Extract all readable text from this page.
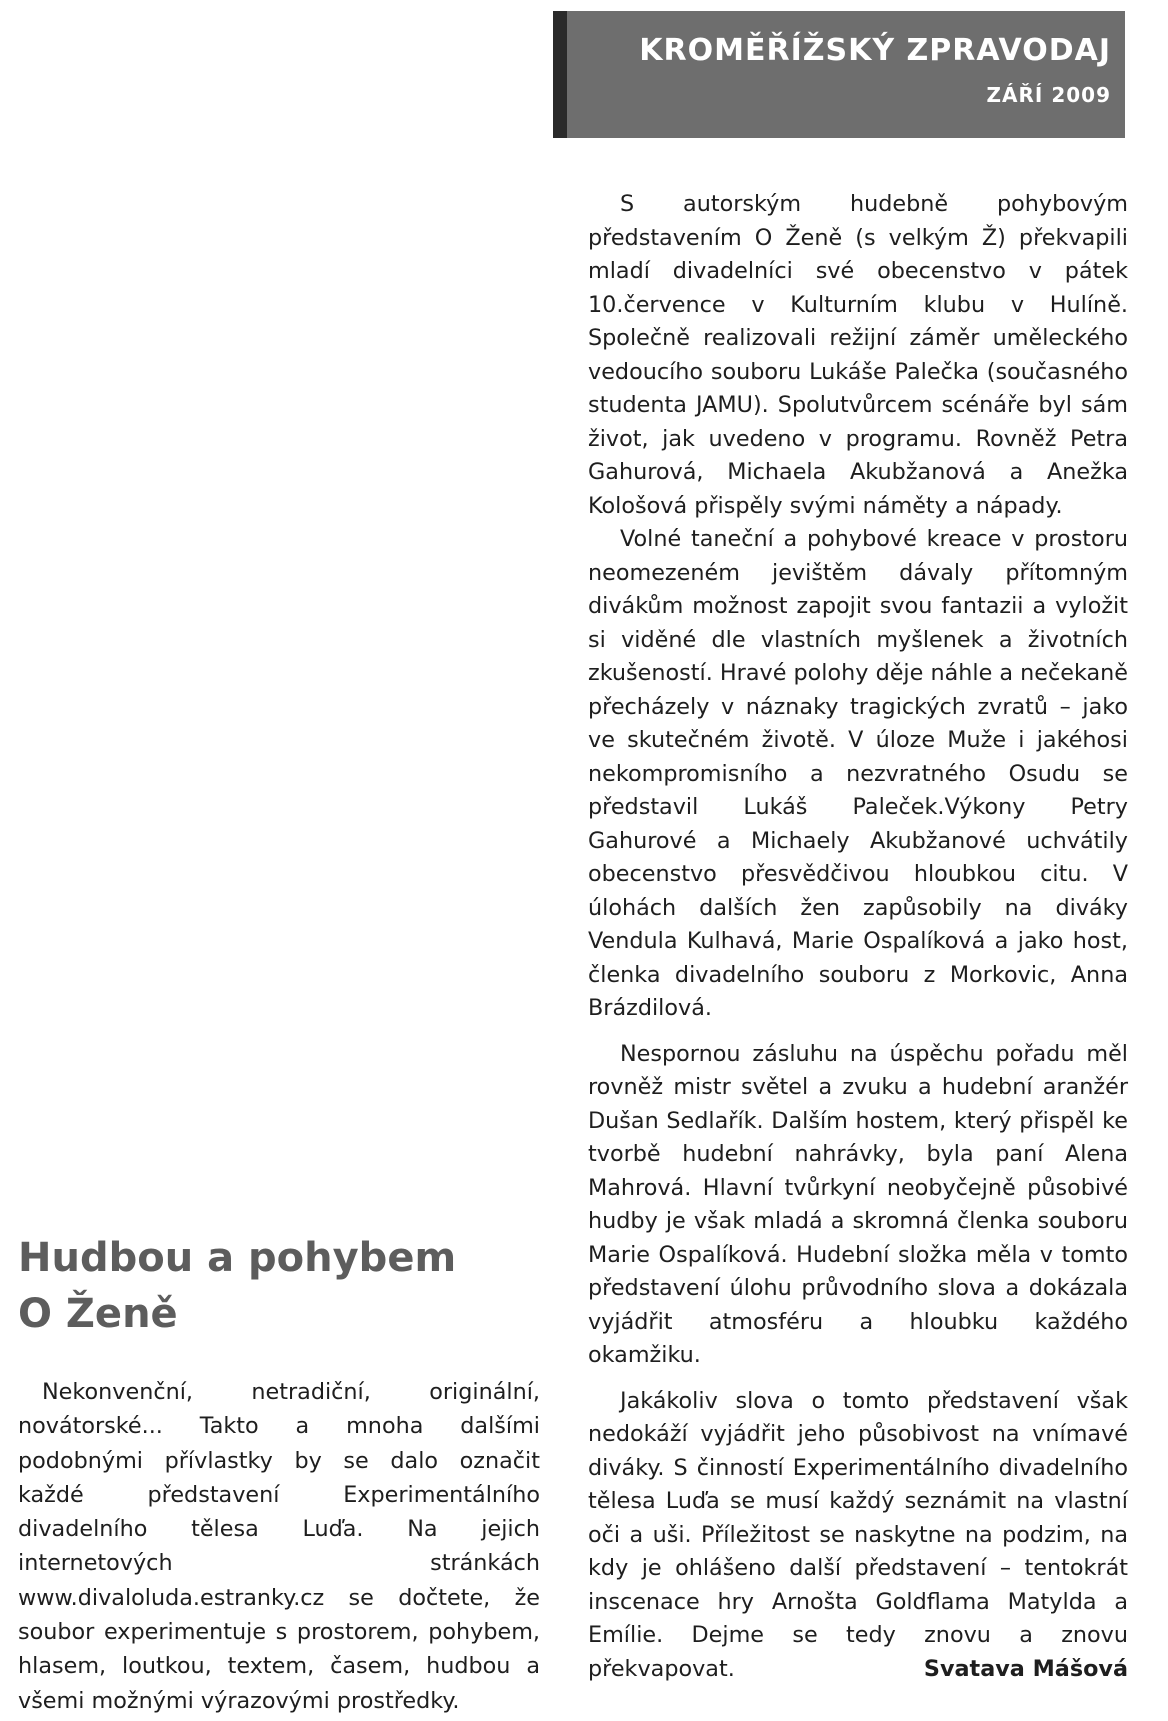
KROMĚŘÍŽSKÝ ZPRAVODAJ
ZÁŘÍ 2009

S autorským hudebně pohybovým představením O Ženě (s velkým Ž) překvapili mladí divadelníci své obecenstvo v pátek 10.července v Kulturním klubu v Hulíně. Společně realizovali režijní záměr uměleckého vedoucího souboru Lukáše Palečka (současného studenta JAMU). Spolutvůrcem scénáře byl sám život, jak uvedeno v programu. Rovněž Petra Gahurová, Michaela Akubžanová a Anežka Kološová přispěly svými náměty a nápady.

Volné taneční a pohybové kreace v prostoru neomezeném jevištěm dávaly přítomným divákům možnost zapojit svou fantazii a vyložit si viděné dle vlastních myšlenek a životních zkušeností. Hravé polohy děje náhle a nečekaně přecházely v náznaky tragických zvratů – jako ve skutečném životě. V úloze Muže i jakéhosi nekompromisního a nezvratného Osudu se představil Lukáš Paleček.Výkony Petry Gahurové a Michaely Akubžanové uchvátily obecenstvo přesvědčivou hloubkou citu. V úlohách dalších žen zapůsobily na diváky Vendula Kulhavá, Marie Ospalíková a jako host, členka divadelního souboru z Morkovic, Anna Brázdilová.

Nespornou zásluhu na úspěchu pořadu měl rovněž mistr světel a zvuku a hudební aranžér Dušan Sedlařík. Dalším hostem, který přispěl ke tvorbě hudební nahrávky, byla paní Alena Mahrová. Hlavní tvůrkyní neobyčejně působivé hudby je však mladá a skromná členka souboru Marie Ospalíková. Hudební složka měla v tomto představení úlohu průvodního slova a dokázala vyjádřit atmosféru a hloubku každého okamžiku.

Jakákoliv slova o tomto představení však nedokáží vyjádřit jeho působivost na vnímavé diváky. S činností Experimentálního divadelního tělesa Luďa se musí každý seznámit na vlastní oči a uši. Příležitost se naskytne na podzim, na kdy je ohlášeno další představení – tentokrát inscenace hry Arnošta Goldflama Matylda a Emílie. Dejme se tedy znovu a znovu překvapovat.	Svatava Mášová

Hudbou a pohybem
O Ženě

Nekonvenční, netradiční, originální, novátorské... Takto a mnoha dalšími podobnými přívlastky by se dalo označit každé představení Experimentálního divadelního tělesa Luďa. Na jejich internetových stránkách www.divaloluda.estranky.cz se dočtete, že soubor experimentuje s prostorem, pohybem, hlasem, loutkou, textem, časem, hudbou a všemi možnými výrazovými prostředky.
